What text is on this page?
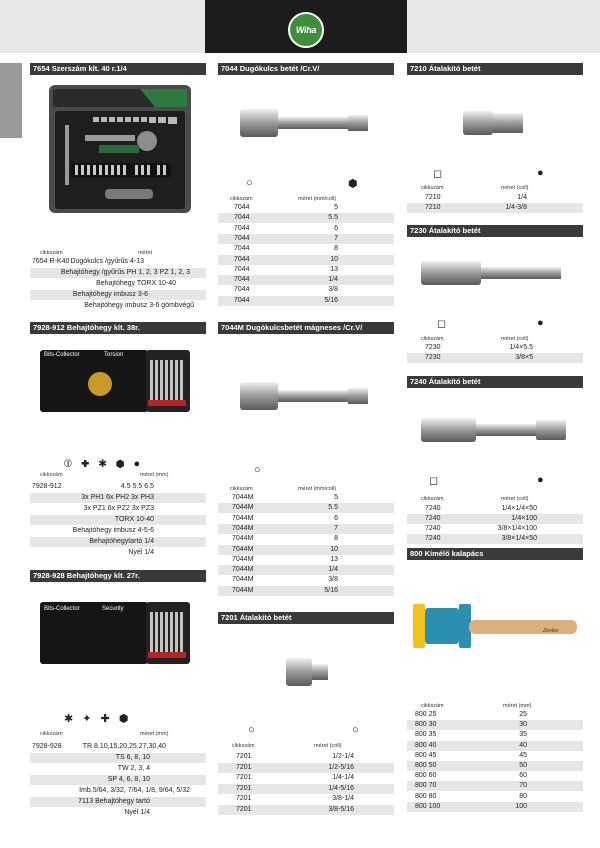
Wiha
7654 Szerszám klt. 40 r.1/4
cikkszám	méret
7654 R-K40 Dugókulcs /gyűrűs 4-13
Behajtóhegy /gyűrűs PH 1, 2, 3 PZ 1, 2, 3
Behajtóhegy TORX 10-40
Behajtóhegy imbusz 3-6
Behajtóhegy imbusz 3-6 gömbvégű
7928-912 Behajtóhegy klt. 38r.
Bits-Collector	Torsion
⦶ ✚ ✱ ⬢ ●
cikkszám	méret (mm)
7928-912	4.5 5.5 6.5
3x PH1 6x PH2 3x PH3
3x PZ1 6x PZ2 3x PZ3
TORX 10-40
Behajtóhegy imbusz 4-5-6
Behajtóhegytartó 1/4
Nyél 1/4
7928-928 Behajtóhegy klt. 27r.
Bits-Collector	Security
✱ ✦ ✚ ⬢
cikkszám	méret (mm)
7928-928	TR 8,10,15,20,25,27,30,40
TS 6, 8, 10
TW 2, 3, 4
SP 4, 6, 8, 10
Imb.5/64, 3/32, 7/64, 1/8, 9/64, 5/32
7113 Behajtóhegy tartó
Nyél 1/4
7044 Dugókulcs betét /Cr.V/
○	⬢
cikkszám	méret (mm/coll)
7044	5
7044	5.5
7044	6
7044	7
7044	8
7044	10
7044	13
7044	1/4
7044	3/8
7044	5/16
7044M Dugókulcsbetét mágneses /Cr.V/
○
cikkszám	méret (mm/coll)
7044M	5
7044M	5.5
7044M	6
7044M	7
7044M	8
7044M	10
7044M	13
7044M	1/4
7044M	3/8
7044M	5/16
7201 Átalakító betét
○	○
cikkszám	méret (coll)
7201	1/2-1/4
7201	1/2-5/16
7201	1/4-1/4
7201	1/4-5/16
7201	3/8-1/4
7201	3/8-5/16
7210 Átalakító betét
◻	●
cikkszám	méret (coll)
7210	1/4
7210	1/4-3/8
7230 Átalakító betét
◻	●
cikkszám	méret (coll)
7230	1/4×5.5
7230	3/8×5
7240 Átalakító betét
◻	●
cikkszám	méret (coll)
7240	1/4×1/4×50
7240	1/4×100
7240	3/8×1/4×100
7240	3/8×1/4×50
800 Kímélő kalapács
Zentex
cikkszám	méret (mm)
800 25	25
800 30	30
800 35	35
800 40	40
800 45	45
800 50	50
800 60	60
800 70	70
800 80	80
800 100	100
